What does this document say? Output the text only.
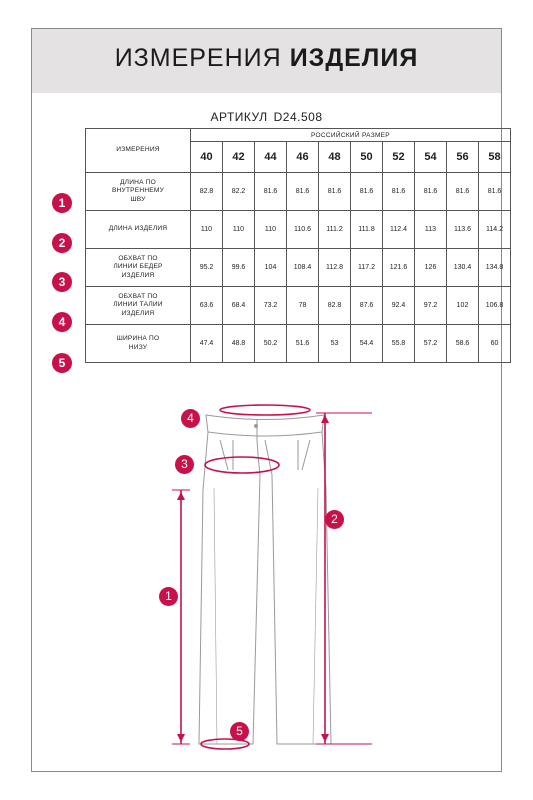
ИЗМЕРЕНИЯ ИЗДЕЛИЯ
АРТИКУЛ D24.508
ИЗМЕРЕНИЯ	РОССИЙСКИЙ РАЗМЕР									
	40	42	44	46	48	50	52	54	56	58

ДЛИНА ПО
ВНУТРЕННЕМУ
ШВУ	82.8	82.2	81.6	81.6	81.6	81.6	81.6	81.6	81.6	81.6

ДЛИНА ИЗДЕЛИЯ	110	110	110	110.6	111.2	111.8	112.4	113	113.6	114.2

ОБХВАТ ПО
ЛИНИИ БЕДЕР
ИЗДЕЛИЯ	95.2	99.6	104	108.4	112.8	117.2	121.6	126	130.4	134.8

ОБХВАТ ПО
ЛИНИИ ТАЛИИ
ИЗДЕЛИЯ	63.6	68.4	73.2	78	82.8	87.6	92.4	97.2	102	106.8

ШИРИНА ПО
НИЗУ	47.4	48.8	50.2	51.6	53	54.4	55.8	57.2	58.6	60
1
2
3
4
5
4
3
2
1
5
